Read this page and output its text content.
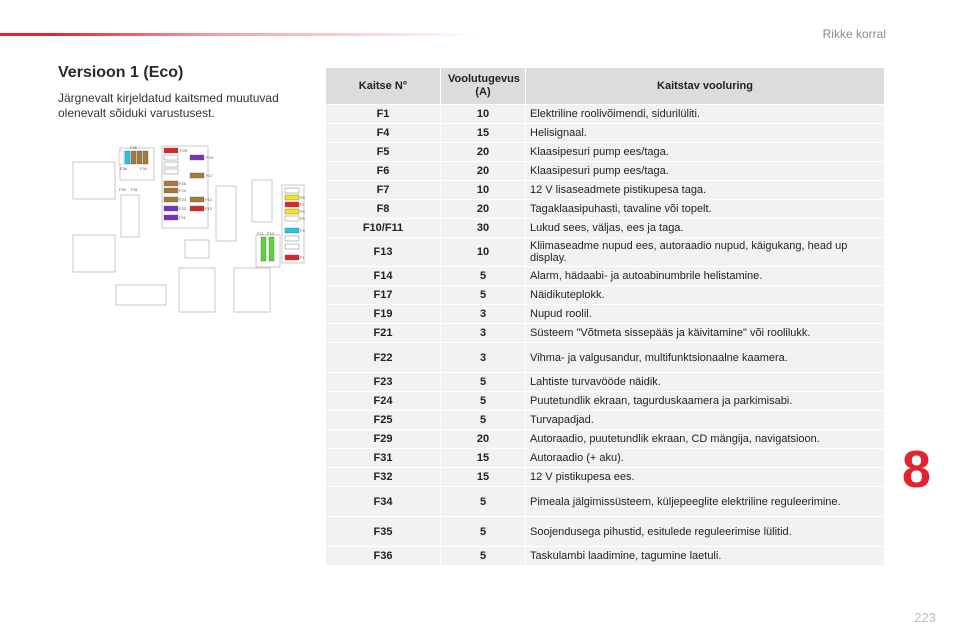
Rikke korral
Versioon 1 (Eco)
Järgnevalt kirjeldatud kaitsmed muutuvad olenevalt sõiduki varustusest.
F35
F36	F34
F32 F31
F29
F19
F17
F25
F24
F23
F22
F21
F14
F13
F11 F10
F8
F7
F6
F5
F4
F1
Kaitse N°	Voolutugevus (A)	Kaitstav vooluring
F1	10	Elektriline roolivõimendi, sidurilüliti.
F4	15	Helisignaal.
F5	20	Klaasipesuri pump ees/taga.
F6	20	Klaasipesuri pump ees/taga.
F7	10	12 V lisaseadmete pistikupesa taga.
F8	20	Tagaklaasipuhasti, tavaline või topelt.
F10/F11	30	Lukud sees, väljas, ees ja taga.
F13	10	Kliimaseadme nupud ees, autoraadio nupud, käigukang, head up display.
F14	5	Alarm, hädaabi- ja autoabinumbrile helistamine.
F17	5	Näidikuteplokk.
F19	3	Nupud roolil.
F21	3	Süsteem "Võtmeta sissepääs ja käivitamine" või roolilukk.
F22	3	Vihma- ja valgusandur, multifunktsionaalne kaamera.
F23	5	Lahtiste turvavööde näidik.
F24	5	Puutetundlik ekraan, tagurduskaamera ja parkimisabi.
F25	5	Turvapadjad.
F29	20	Autoraadio, puutetundlik ekraan, CD mängija, navigatsioon.
F31	15	Autoraadio (+ aku).
F32	15	12 V pistikupesa ees.
F34	5	Pimeala jälgimissüsteem, küljepeeglite elektriline reguleerimine.
F35	5	Soojendusega pihustid, esitulede reguleerimise lülitid.
F36	5	Taskulambi laadimine, tagumine laetuli.
8
223
